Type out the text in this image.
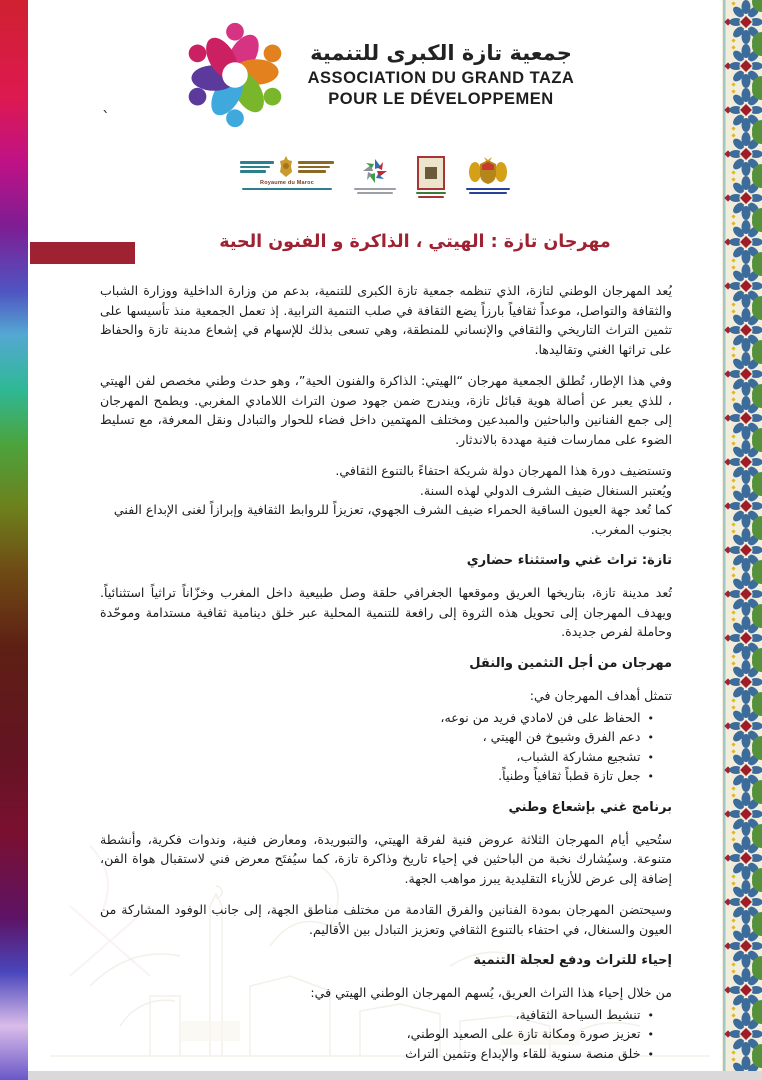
جمعية تازة الكبرى للتنمية
ASSOCIATION DU GRAND TAZA
POUR LE DÉVELOPPEMEN
`
Royaume du Maroc
مهرجان تازة : الهيتي ، الذاكرة و الفنون الحية

يُعد المهرجان الوطني لتازة، الذي تنظمه جمعية تازة الكبرى للتنمية، بدعم من وزارة الداخلية ووزارة الشباب والثقافة والتواصل، موعداً ثقافياً بارزاً يضع الثقافة في صلب التنمية الترابية. إذ تعمل الجمعية منذ تأسيسها على تثمين التراث التاريخي والثقافي والإنساني للمنطقة، وهي تسعى بذلك للإسهام في إشعاع مدينة تازة والحفاظ على تراثها الغني وتقاليدها.

وفي هذا الإطار، تُطلق الجمعية مهرجان “الهيتي: الذاكرة والفنون الحية”، وهو حدث وطني مخصص لفن الهيتي ، للذي يعبر عن أصالة هوية قبائل تازة، ويندرج ضمن جهود صون التراث اللامادي المغربي. ويطمح المهرجان إلى جمع الفنانين والباحثين والمبدعين ومختلف المهتمين داخل فضاء للحوار والتبادل ونقل المعرفة، مع تسليط الضوء على ممارسات فنية مهددة بالاندثار.

وتستضيف دورة هذا المهرجان دولة شريكة احتفاءً بالتنوع الثقافي.
ويُعتبر السنغال ضيف الشرف الدولي لهذه السنة.
كما تُعد جهة العيون الساقية الحمراء ضيف الشرف الجهوي، تعزيزاً للروابط الثقافية وإبرازاً لغنى الإبداع الفني بجنوب المغرب.
تازة: تراث غني واستثناء حضاري

تُعد مدينة تازة، بتاريخها العريق وموقعها الجغرافي حلقة وصل طبيعية داخل المغرب وخزّاناً تراثياً استثنائياً. ويهدف المهرجان إلى تحويل هذه الثروة إلى رافعة للتنمية المحلية عبر خلق دينامية ثقافية مستدامة وموحّدة وحاملة لفرص جديدة.

مهرجان من أجل التثمين والنقل

تتمثل أهداف المهرجان في:

•  الحفاظ على فن لامادي فريد من نوعه،
•  دعم الفرق وشيوخ فن الهيتي ،
•  تشجيع مشاركة الشباب،
•  جعل تازة قطباً ثقافياً وطنياً.
برنامج غني بإشعاع وطني

ستُحيي أيام المهرجان الثلاثة عروض فنية لفرقة الهيتي، والتبوريدة، ومعارض فنية، وندوات فكرية، وأنشطة متنوعة. وسيُشارك نخبة من الباحثين في إحياء تاريخ وذاكرة تازة، كما سيُفتَح معرض فني لاستقبال هواة الفن، إضافة إلى عرض للأزياء التقليدية يبرز مواهب الجهة.

وسيحتضن المهرجان بمودة الفنانين والفرق القادمة من مختلف مناطق الجهة، إلى جانب الوفود المشاركة من العيون والسنغال، في احتفاء بالتنوع الثقافي وتعزيز التبادل بين الأقاليم.

إحياء للتراث ودفع لعجلة التنمية

من خلال إحياء هذا التراث العريق، يُسهم المهرجان الوطني الهيتي في:

•  تنشيط السياحة الثقافية،
•  تعزيز صورة ومكانة تازة على الصعيد الوطني،
•  خلق منصة سنوية للقاء والإبداع وتثمين التراث
